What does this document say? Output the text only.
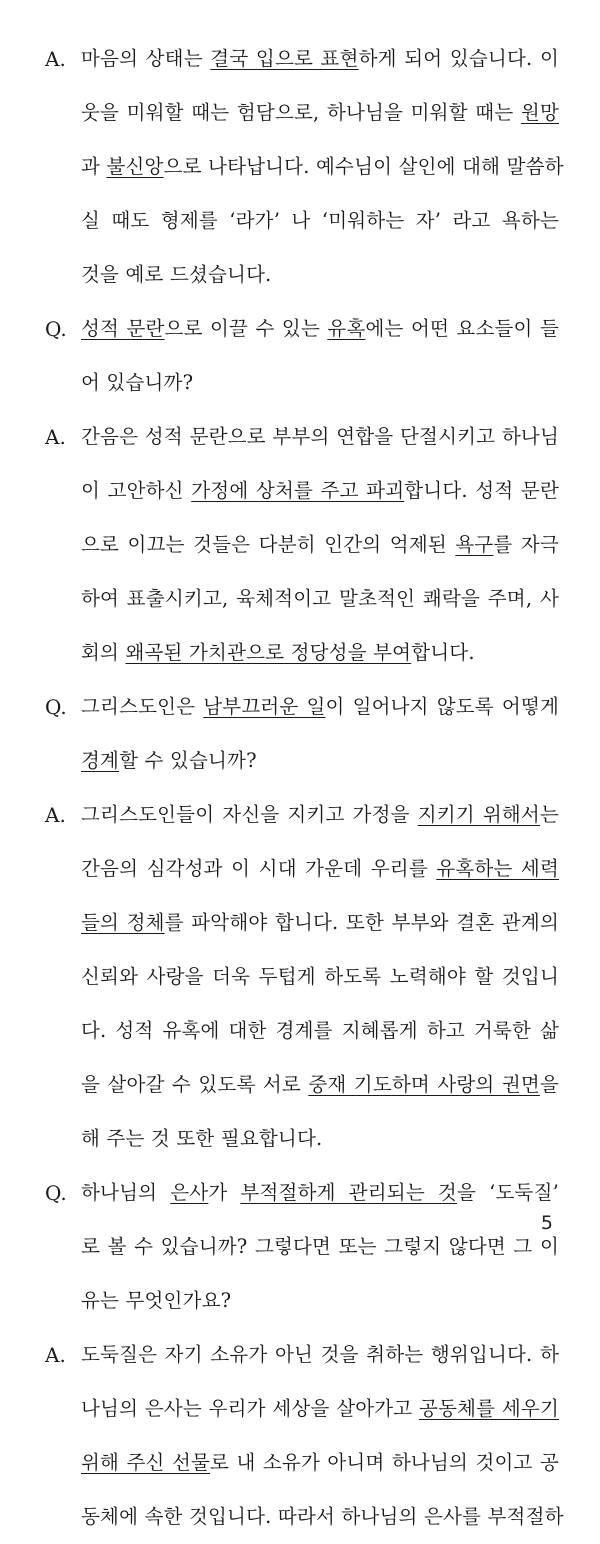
A. 마음의 상태는 결국 입으로 표현하게 되어 있습니다. 이
웃을 미워할 때는 험담으로, 하나님을 미워할 때는 원망
과 불신앙으로 나타납니다. 예수님이 살인에 대해 말씀하
실 때도 형제를 ‘라가’ 나 ‘미워하는 자’ 라고 욕하는
것을 예로 드셨습니다.
Q. 성적 문란으로 이끌 수 있는 유혹에는 어떤 요소들이 들
어 있습니까?
A. 간음은 성적 문란으로 부부의 연합을 단절시키고 하나님
이 고안하신 가정에 상처를 주고 파괴합니다. 성적 문란
으로 이끄는 것들은 다분히 인간의 억제된 욕구를 자극
하여 표출시키고, 육체적이고 말초적인 쾌락을 주며, 사
회의 왜곡된 가치관으로 정당성을 부여합니다.
Q. 그리스도인은 남부끄러운 일이 일어나지 않도록 어떻게
경계할 수 있습니까?
A. 그리스도인들이 자신을 지키고 가정을 지키기 위해서는
간음의 심각성과 이 시대 가운데 우리를 유혹하는 세력
들의 정체를 파악해야 합니다. 또한 부부와 결혼 관계의
신뢰와 사랑을 더욱 두텁게 하도록 노력해야 할 것입니
다. 성적 유혹에 대한 경계를 지혜롭게 하고 거룩한 삶
을 살아갈 수 있도록 서로 중재 기도하며 사랑의 권면을
해 주는 것 또한 필요합니다.
Q. 하나님의 은사가 부적절하게 관리되는 것을 ‘도둑질’
로 볼 수 있습니까? 그렇다면 또는 그렇지 않다면 그 이
유는 무엇인가요?
A. 도둑질은 자기 소유가 아닌 것을 취하는 행위입니다. 하
나님의 은사는 우리가 세상을 살아가고 공동체를 세우기
위해 주신 선물로 내 소유가 아니며 하나님의 것이고 공
동체에 속한 것입니다. 따라서 하나님의 은사를 부적절하
5
